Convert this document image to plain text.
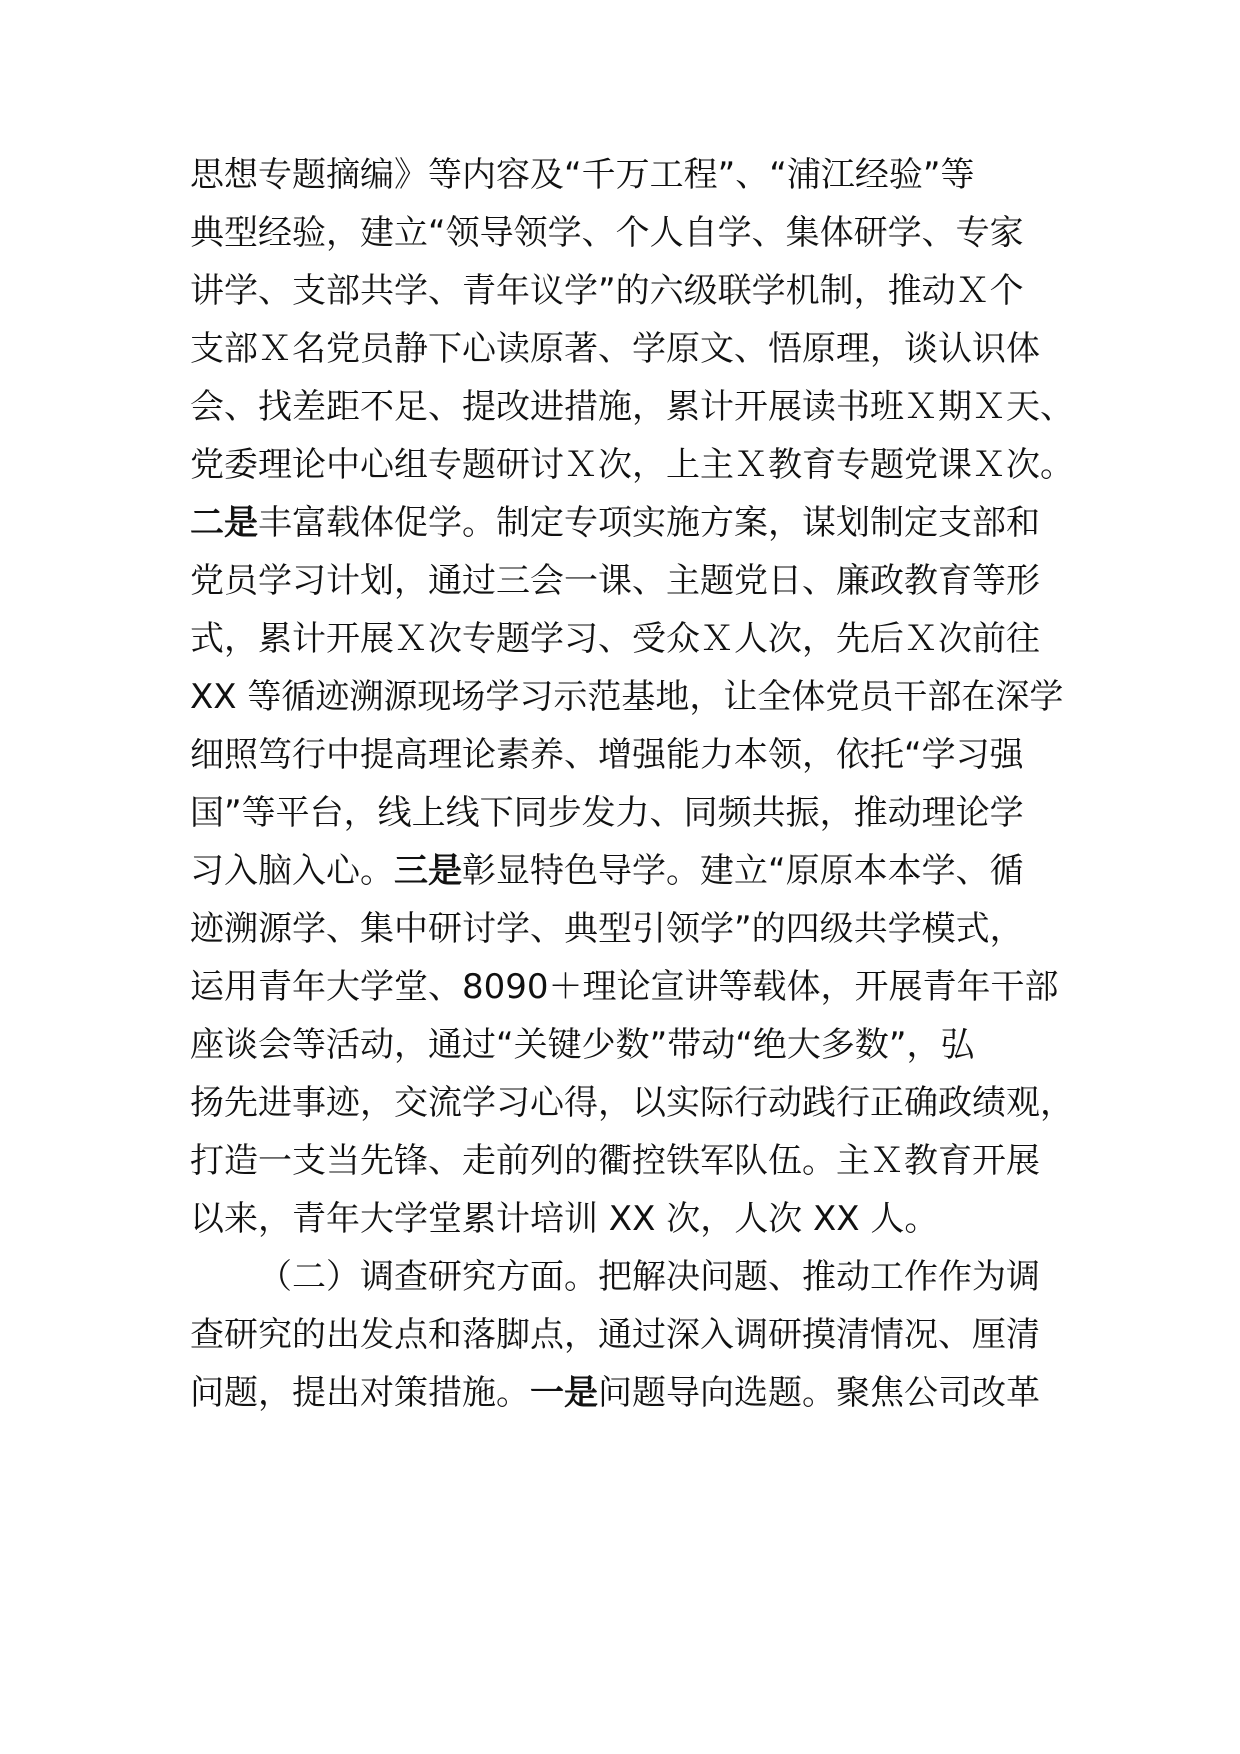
思想专题摘编》等内容及“千万工程”、“浦江经验”等
典型经验，建立“领导领学、个人自学、集体研学、专家
讲学、支部共学、青年议学”的六级联学机制，推动Ｘ个
支部Ｘ名党员静下心读原著、学原文、悟原理，谈认识体
会、找差距不足、提改进措施，累计开展读书班Ｘ期Ｘ天、
党委理论中心组专题研讨Ｘ次，上主Ｘ教育专题党课Ｘ次。
二是丰富载体促学。制定专项实施方案，谋划制定支部和
党员学习计划，通过三会一课、主题党日、廉政教育等形
式，累计开展Ｘ次专题学习、受众Ｘ人次，先后Ｘ次前往
XX 等循迹溯源现场学习示范基地，让全体党员干部在深学
细照笃行中提高理论素养、增强能力本领，依托“学习强
国”等平台，线上线下同步发力、同频共振，推动理论学
习入脑入心。三是彰显特色导学。建立“原原本本学、循
迹溯源学、集中研讨学、典型引领学”的四级共学模式，
运用青年大学堂、8090＋理论宣讲等载体，开展青年干部
座谈会等活动，通过“关键少数”带动“绝大多数”，弘
扬先进事迹，交流学习心得，以实际行动践行正确政绩观，
打造一支当先锋、走前列的衢控铁军队伍。主Ｘ教育开展
以来，青年大学堂累计培训 XX 次，人次 XX 人。
（二）调查研究方面。把解决问题、推动工作作为调
查研究的出发点和落脚点，通过深入调研摸清情况、厘清
问题，提出对策措施。一是问题导向选题。聚焦公司改革
